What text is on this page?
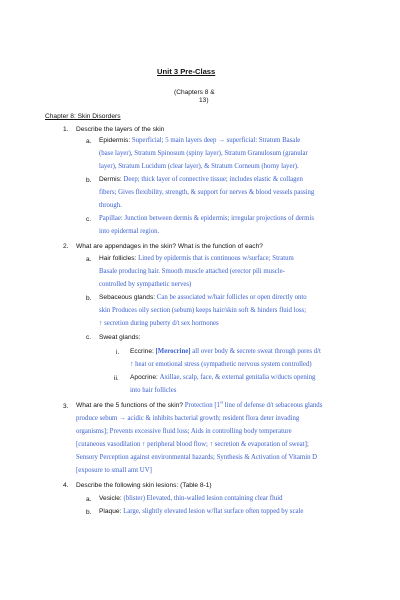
Unit 3 Pre-Class
(Chapters 8 &
13)
Chapter 8: Skin Disorders
1. Describe the layers of the skin
a. Epidermis: Superficial; 5 main layers deep → superficial: Stratum Basale
(base layer), Stratum Spinosum (spiny layer), Stratum Granulosum (granular
layer), Stratum Lucidum (clear layer), & Stratum Corneum (horny layer).
b. Dermis: Deep; thick layer of connective tissue; includes elastic & collagen
fibers; Gives flexibility, strength, & support for nerves & blood vessels passing
through.
c. Papillae: Junction between dermis & epidermis; irregular projections of dermis
into epidermal region.
2. What are appendages in the skin? What is the function of each?
a. Hair follicles: Lined by epidermis that is continuous w/surface; Stratum
Basale producing hair. Smooth muscle attached (erector pili muscle-
controlled by sympathetic nerves)
b. Sebaceous glands: Can be associated w/hair follicles or open directly onto
skin Produces oily section (sebum) keeps hair/skin soft & hinders fluid loss;
↑ secretion during puberty d/t sex hormones
c. Sweat glands:
i. Eccrine: [Merocrine] all over body & secrete sweat through pores d/t
↑ heat or emotional stress (sympathetic nervous system controlled)
ii. Apocrine: Axillae, scalp, face, & external genitalia w/ducts opening
into hair follicles
3. What are the 5 functions of the skin? Protection [1st line of defense d/t sebaceous glands
produce sebum → acidic & inhibits bacterial growth; resident flora deter invading
organisms]; Prevents excessive fluid loss; Aids in controlling body temperature
[cutaneous vasodilation ↑ peripheral blood flow; ↑ secretion & evaporation of sweat];
Sensory Perception against environmental hazards; Synthesis & Activation of Vitamin D
[exposure to small amt UV]
4. Describe the following skin lesions: (Table 8-1)
a. Vesicle: (blister) Elevated, thin-walled lesion containing clear fluid
b. Plaque: Large, slightly elevated lesion w/flat surface often topped by scale
